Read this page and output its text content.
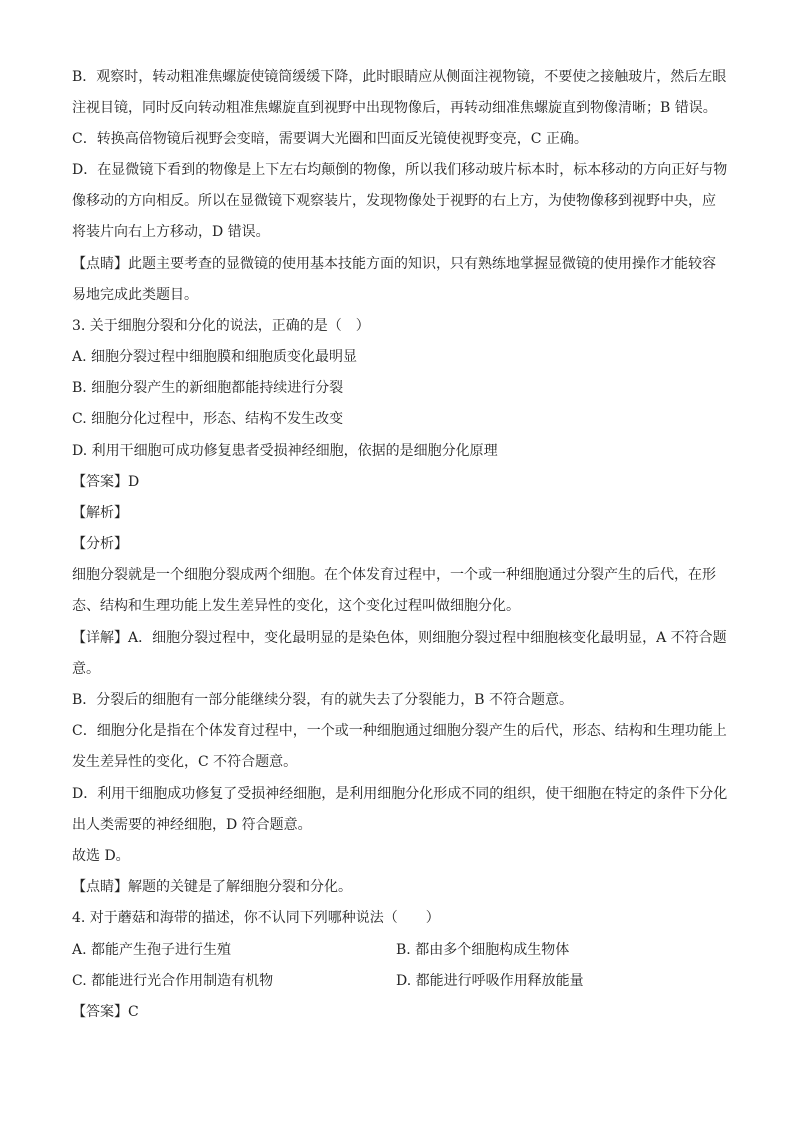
B．观察时，转动粗准焦螺旋使镜筒缓缓下降，此时眼睛应从侧面注视物镜，不要使之接触玻片，然后左眼
注视目镜，同时反向转动粗准焦螺旋直到视野中出现物像后，再转动细准焦螺旋直到物像清晰；B 错误。
C．转换高倍物镜后视野会变暗，需要调大光圈和凹面反光镜使视野变亮，C 正确。
D．在显微镜下看到的物像是上下左右均颠倒的物像，所以我们移动玻片标本时，标本移动的方向正好与物
像移动的方向相反。所以在显微镜下观察装片，发现物像处于视野的右上方，为使物像移到视野中央，应
将装片向右上方移动，D 错误。
【点睛】此题主要考查的显微镜的使用基本技能方面的知识，只有熟练地掌握显微镜的使用操作才能较容
易地完成此类题目。
3. 关于细胞分裂和分化的说法，正确的是（　）
A. 细胞分裂过程中细胞膜和细胞质变化最明显
B. 细胞分裂产生的新细胞都能持续进行分裂
C. 细胞分化过程中，形态、结构不发生改变
D. 利用干细胞可成功修复患者受损神经细胞，依据的是细胞分化原理
【答案】D
【解析】
【分析】
细胞分裂就是一个细胞分裂成两个细胞。在个体发育过程中，一个或一种细胞通过分裂产生的后代，在形
态、结构和生理功能上发生差异性的变化，这个变化过程叫做细胞分化。
【详解】A．细胞分裂过程中，变化最明显的是染色体，则细胞分裂过程中细胞核变化最明显，A 不符合题
意。
B．分裂后的细胞有一部分能继续分裂，有的就失去了分裂能力，B 不符合题意。
C．细胞分化是指在个体发育过程中，一个或一种细胞通过细胞分裂产生的后代，形态、结构和生理功能上
发生差异性的变化，C 不符合题意。
D．利用干细胞成功修复了受损神经细胞，是利用细胞分化形成不同的组织，使干细胞在特定的条件下分化
出人类需要的神经细胞，D 符合题意。
故选 D。
【点睛】解题的关键是了解细胞分裂和分化。
4. 对于蘑菇和海带的描述，你不认同下列哪种说法（　　）
A. 都能产生孢子进行生殖	B. 都由多个细胞构成生物体
C. 都能进行光合作用制造有机物	D. 都能进行呼吸作用释放能量
【答案】C
